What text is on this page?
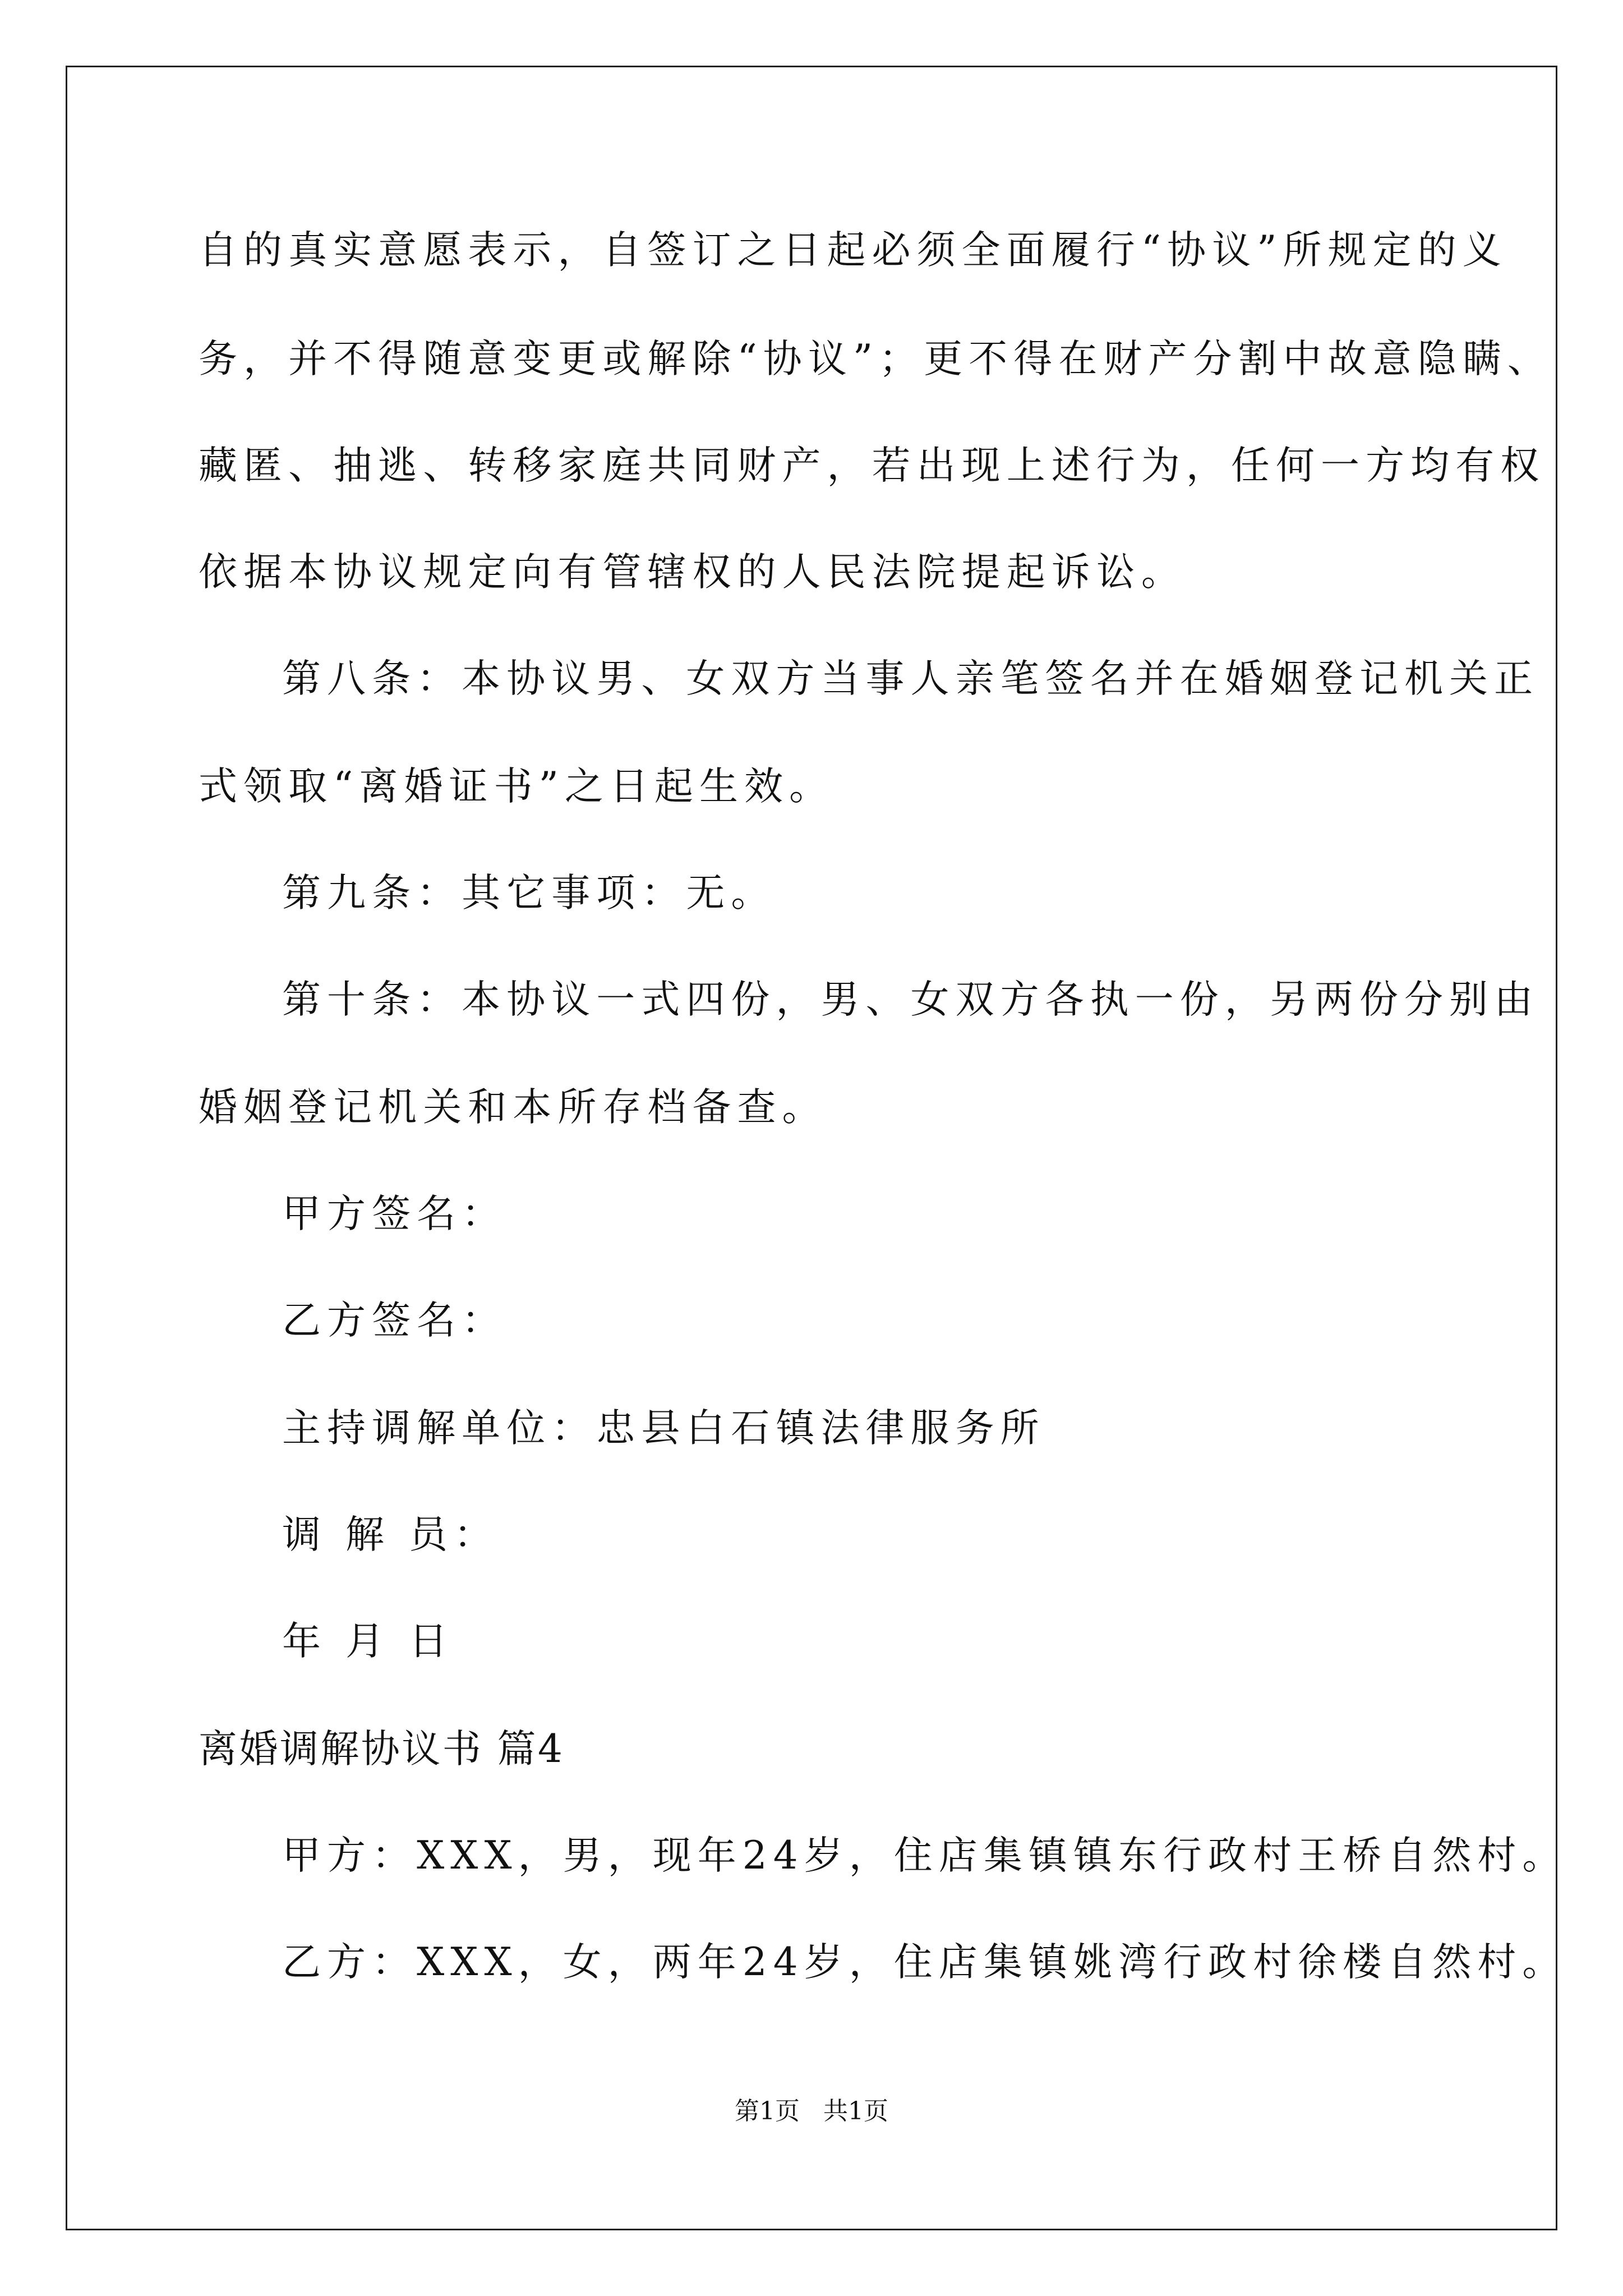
自的真实意愿表示，自签订之日起必须全面履行“协议”所规定的义
务，并不得随意变更或解除“协议”；更不得在财产分割中故意隐瞒、
藏匿、抽逃、转移家庭共同财产，若出现上述行为，任何一方均有权
依据本协议规定向有管辖权的人民法院提起诉讼。
第八条：本协议男、女双方当事人亲笔签名并在婚姻登记机关正
式领取“离婚证书”之日起生效。
第九条：其它事项：无。
第十条：本协议一式四份，男、女双方各执一份，另两份分别由
婚姻登记机关和本所存档备查。
甲方签名：
乙方签名：
主持调解单位：忠县白石镇法律服务所
调 解 员：
年 月 日
离婚调解协议书 篇4
甲方：XXX，男，现年24岁，住店集镇镇东行政村王桥自然村。
乙方：XXX，女，两年24岁，住店集镇姚湾行政村徐楼自然村。
第1页   共1页
